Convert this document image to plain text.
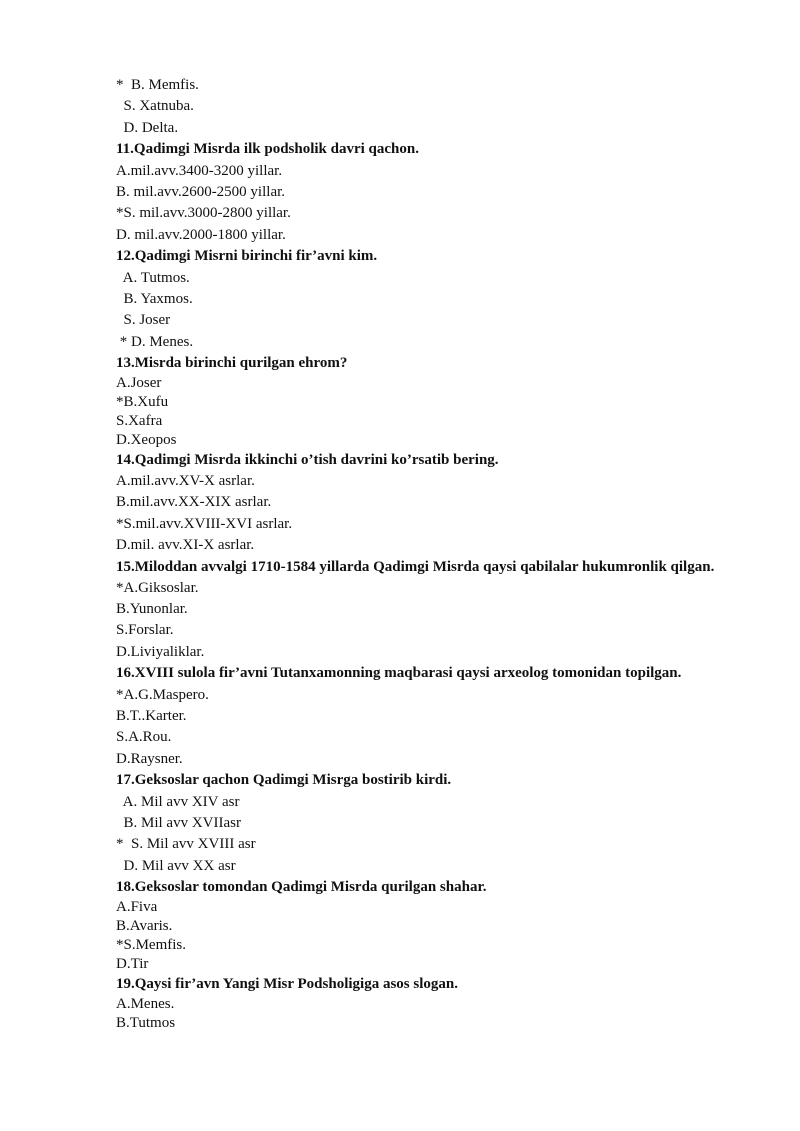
*  B. Memfis.

S. Xatnuba.

D. Delta.

11.Qadimgi Misrda ilk podsholik davri qachon.

A.mil.avv.3400-3200 yillar.

B. mil.avv.2600-2500 yillar.

*S. mil.avv.3000-2800 yillar.

D. mil.avv.2000-1800 yillar.

12.Qadimgi Misrni birinchi fir’avni kim.

A. Tutmos.

B. Yaxmos.

S. Joser

* D. Menes.

13.Misrda birinchi qurilgan ehrom?

A.Joser

*B.Xufu

S.Xafra

D.Xeopos

14.Qadimgi Misrda ikkinchi o’tish davrini ko’rsatib bering.

A.mil.avv.XV-X asrlar.

B.mil.avv.XX-XIX asrlar.

*S.mil.avv.XVIII-XVI asrlar.

D.mil. avv.XI-X asrlar.

15.Miloddan avvalgi 1710-1584 yillarda Qadimgi Misrda qaysi qabilalar hukumronlik qilgan.

*A.Giksoslar.

B.Yunonlar.

S.Forslar.

D.Liviyaliklar.

16.XVIII sulola fir’avni Tutanxamonning maqbarasi qaysi arxeolog tomonidan topilgan.

*A.G.Maspero.

B.T..Karter.

S.A.Rou.

D.Raysner.

17.Geksoslar qachon Qadimgi Misrga bostirib kirdi.

A. Mil avv XIV asr

B. Mil avv XVIIasr

*  S. Mil avv XVIII asr

D. Mil avv XX asr

18.Geksoslar tomondan Qadimgi Misrda qurilgan shahar.

A.Fiva

B.Avaris.

*S.Memfis.

D.Tir

19.Qaysi fir’avn Yangi Misr Podsholigiga asos slogan.

A.Menes.

B.Tutmos
